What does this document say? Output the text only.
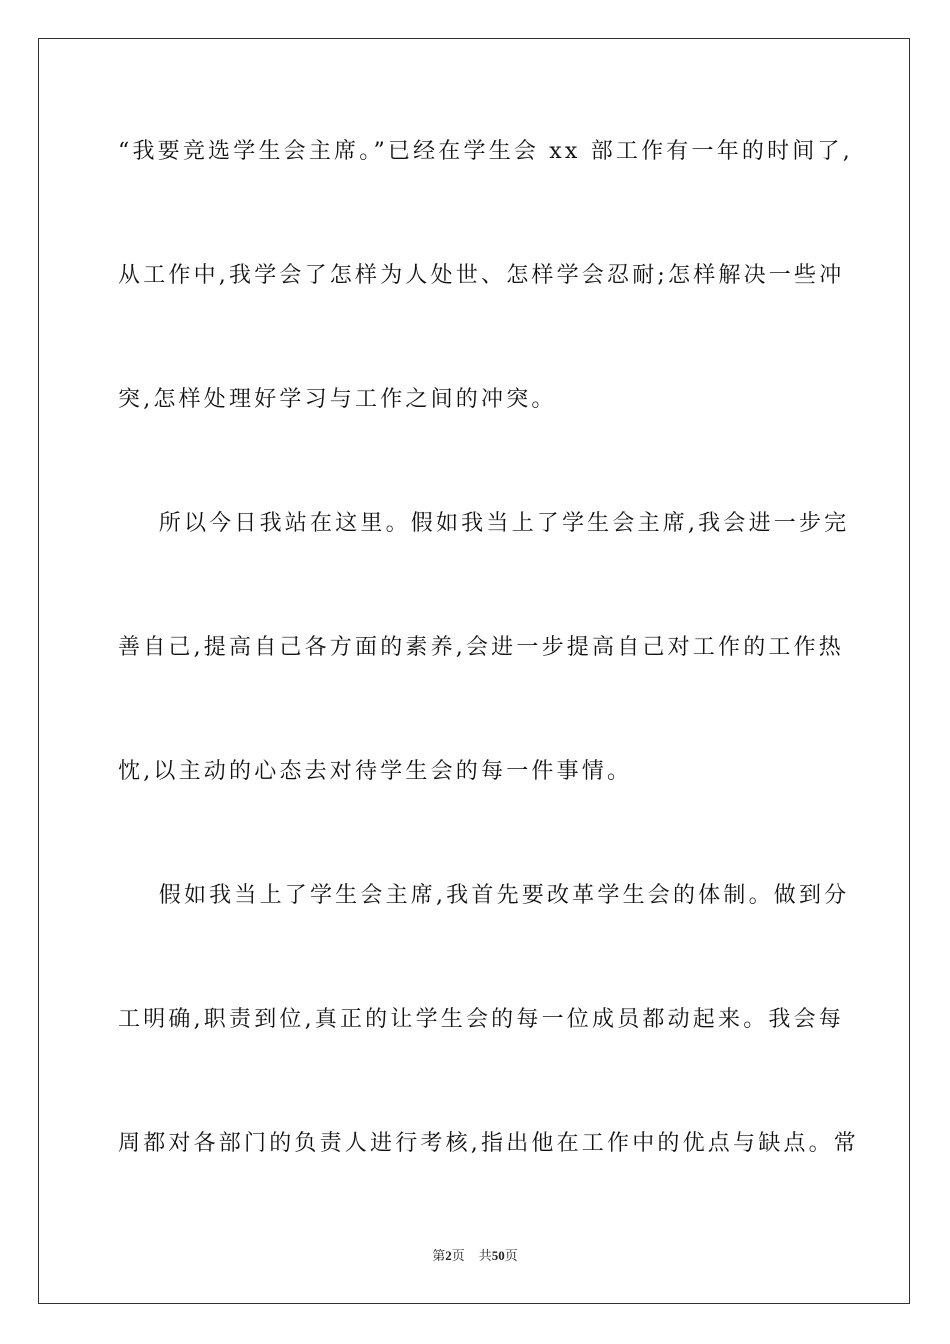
“我要竞选学生会主席。”已经在学生会 xx 部工作有一年的时间了,
从工作中,我学会了怎样为人处世、怎样学会忍耐;怎样解决一些冲
突,怎样处理好学习与工作之间的冲突。
所以今日我站在这里。假如我当上了学生会主席,我会进一步完
善自己,提高自己各方面的素养,会进一步提高自己对工作的工作热
忱,以主动的心态去对待学生会的每一件事情。
假如我当上了学生会主席,我首先要改革学生会的体制。做到分
工明确,职责到位,真正的让学生会的每一位成员都动起来。我会每
周都对各部门的负责人进行考核,指出他在工作中的优点与缺点。常
第2页 共50页
